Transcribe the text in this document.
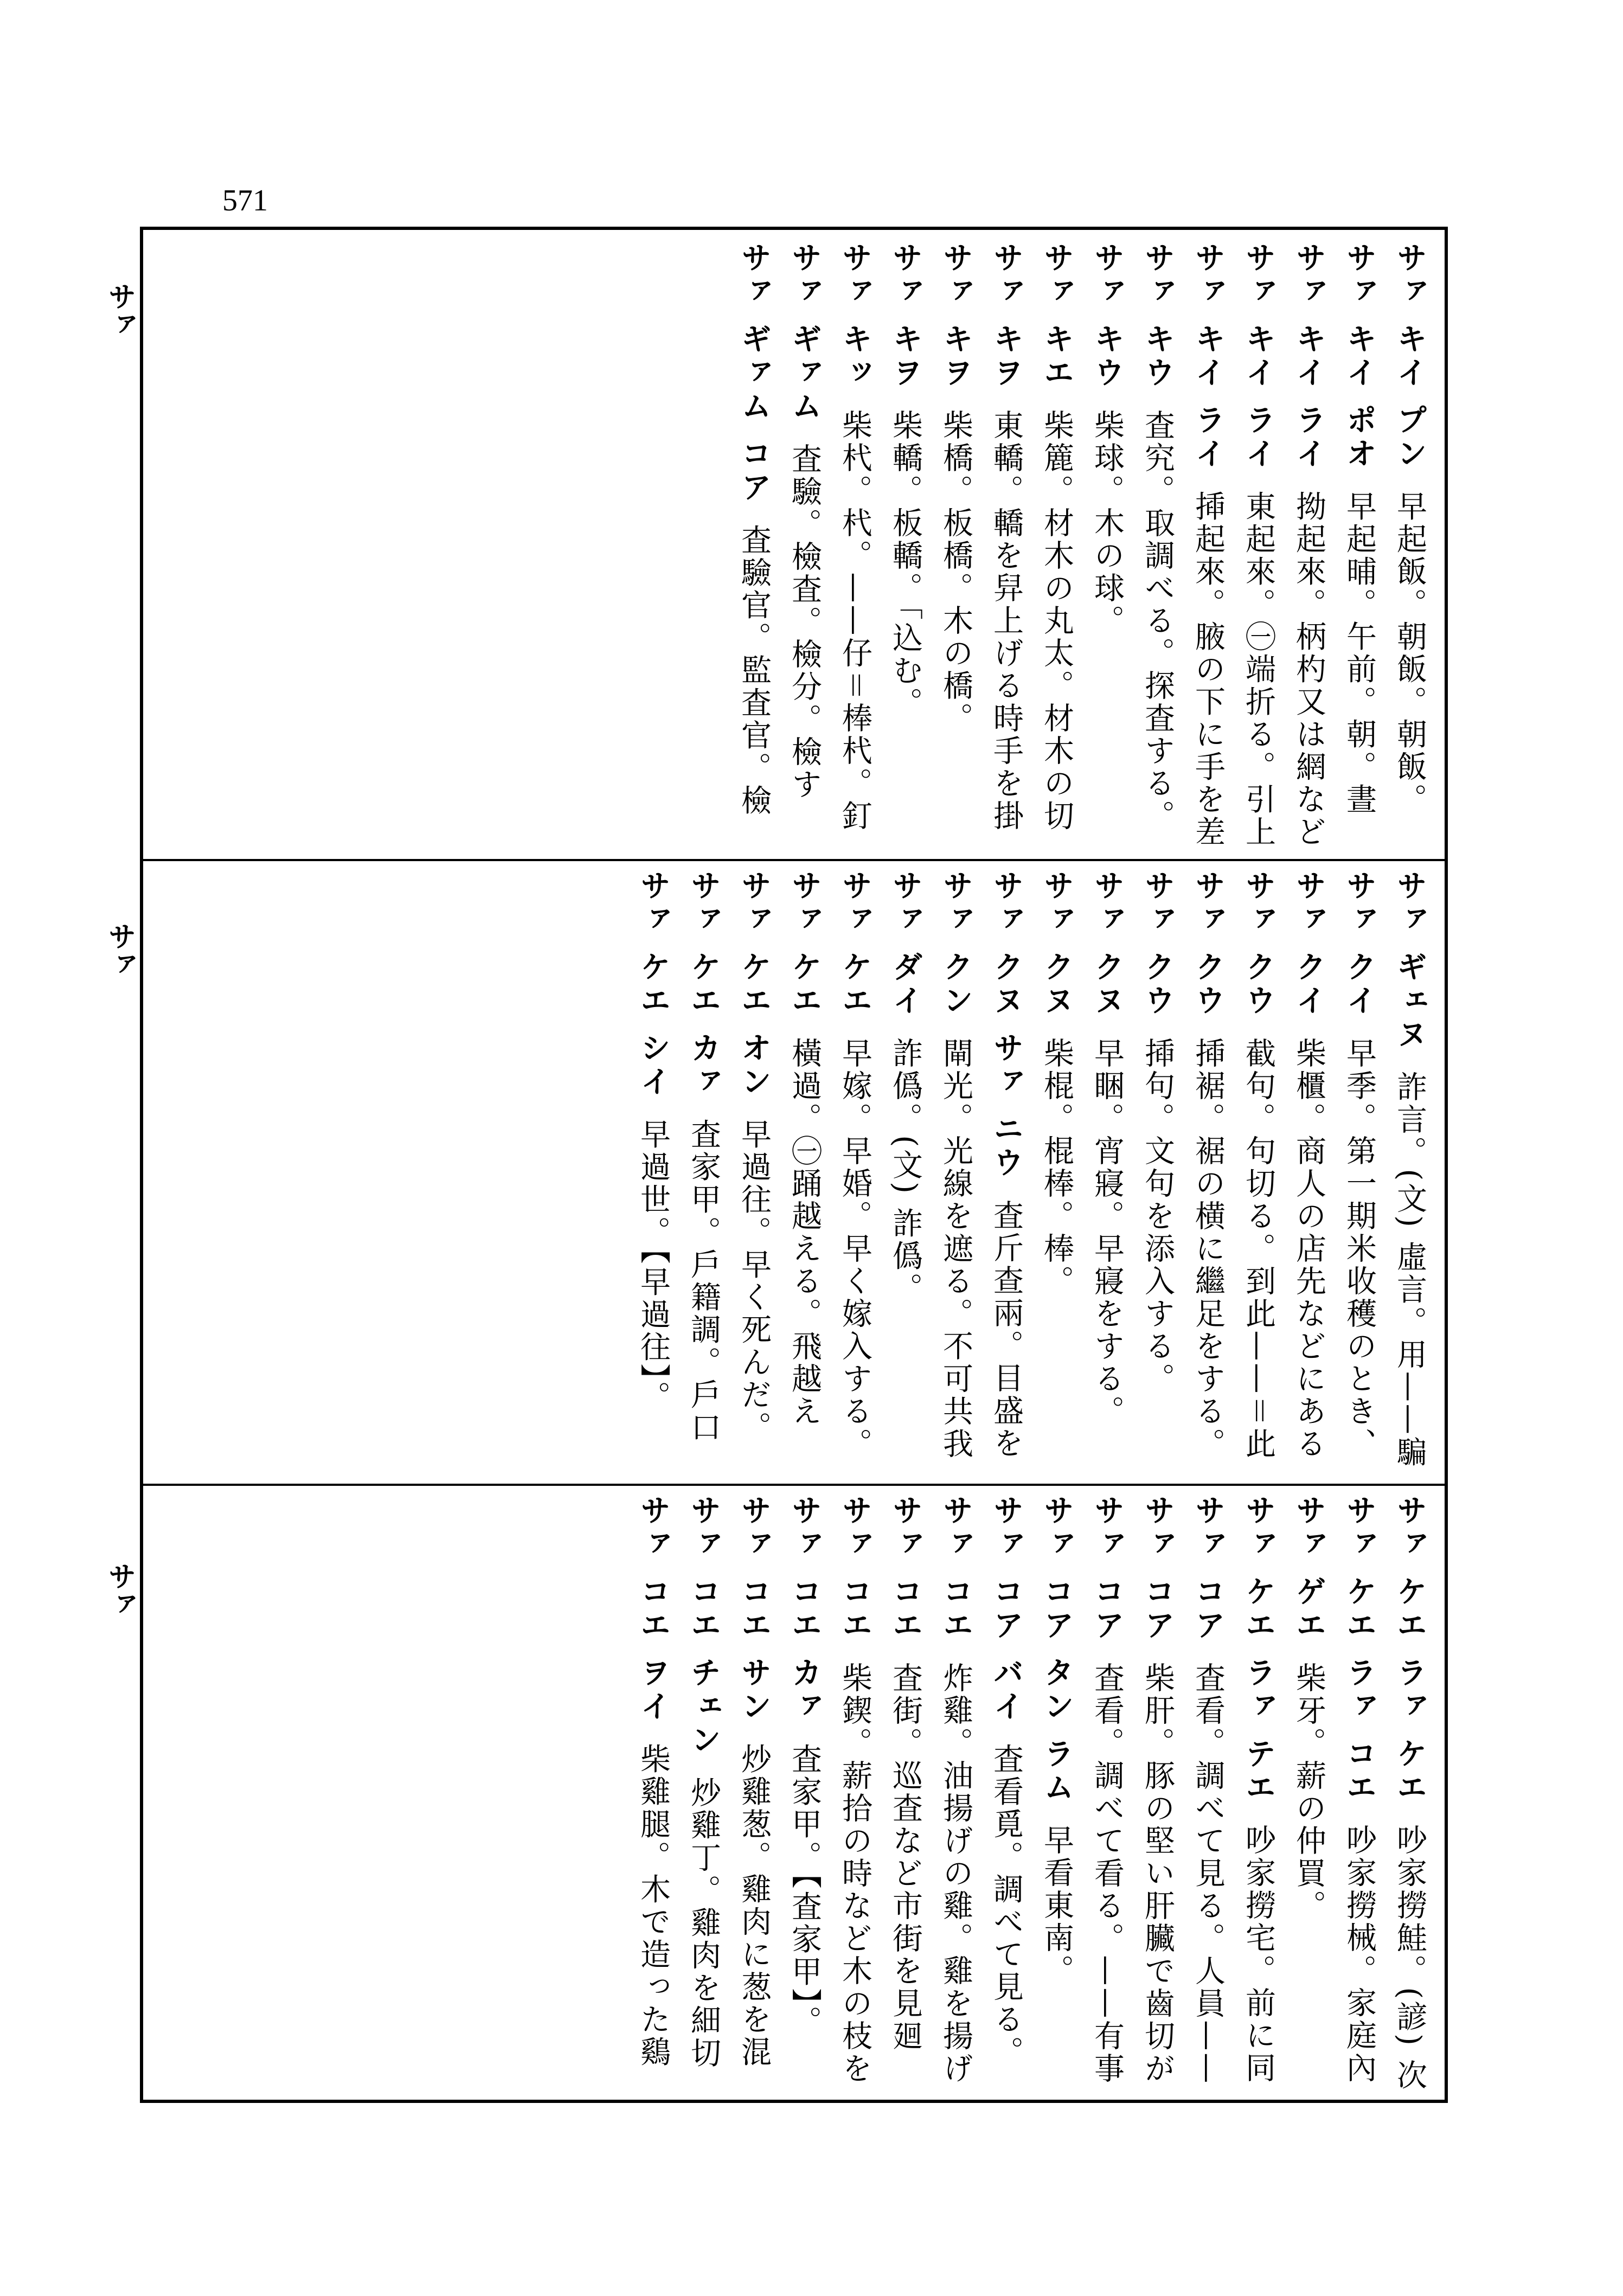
571
サァ
サァ
サァ
サァ キイ プン 早起飯。朝飯。朝飯。
サァ キイ ポオ 早起晡。午前。朝。晝
サァ キイ ライ 拗起來。柄杓又は網など
サァ キイ ライ 東起來。㊀端折る。引上
サァ キイ ライ 揷起來。腋の下に手を差
サァ キウ 査究。取調べる。探査する。
サァ キウ 柴球。木の球。
サァ キエ 柴簏。材木の丸太。材木の切
サァ キヲ 東轎。轎を舁上げる時手を掛
サァ キヲ 柴橋。板橋。木の橋。
サァ キヲ 柴轎。板轎。「込む。
サァ キッ 柴杙。杙。——仔＝棒杙。釘
サァ ギァム 査驗。檢査。檢分。檢す
サァ ギァム コア 査驗官。監査官。檢
サァ ギェヌ 詐言。(文) 虛言。用——騙
サァ クイ 早季。第一期米收穫のとき、
サァ クイ 柴櫃。商人の店先などにある
サァ クウ 截句。句切る。到此——＝此
サァ クウ 揷裾。裾の横に繼足をする。
サァ クウ 揷句。文句を添入する。
サァ クヌ 早睏。宵寢。早寢をする。
サァ クヌ 柴棍。棍棒。棒。
サァ クヌ サァ ニウ 査斤查兩。目盛を
サァ クン 閘光。光線を遮る。不可共我
サァ ダイ 詐僞。(文) 詐僞。
サァ ケエ 早嫁。早婚。早く嫁入する。
サァ ケエ 橫過。㊀踊越える。飛越え
サァ ケエ オン 早過往。早く死んだ。
サァ ケエ カァ 査家甲。戶籍調。戶口
サァ ケエ シイ 早過世。【早過往】。
サァ ケエ ラァ ケエ 吵家撈鮭。(諺) 次
サァ ケエ ラァ コエ 吵家撈械。家庭內
サァ ゲエ 柴牙。薪の仲買。
サァ ケエ ラァ テエ 吵家撈宅。前に同
サァ コア 査看。調べて見る。人員——
サァ コア 柴肝。豚の堅い肝臟で齒切が
サァ コア 査看。調べて看る。——有事
サァ コア タン ラム 早看東南。
サァ コア バイ 査看覓。調べて見る。
サァ コエ 炸雞。油揚げの雞。雞を揚げ
サァ コエ 査街。巡査など市街を見廻
サァ コエ 柴鍥。薪拾の時など木の枝を
サァ コエ カァ 査家甲。【査家甲】。
サァ コエ サン 炒雞葱。雞肉に葱を混
サァ コエ チェン 炒雞丁。雞肉を細切
サァ コエ ヲイ 柴雞腿。木で造った鷄
